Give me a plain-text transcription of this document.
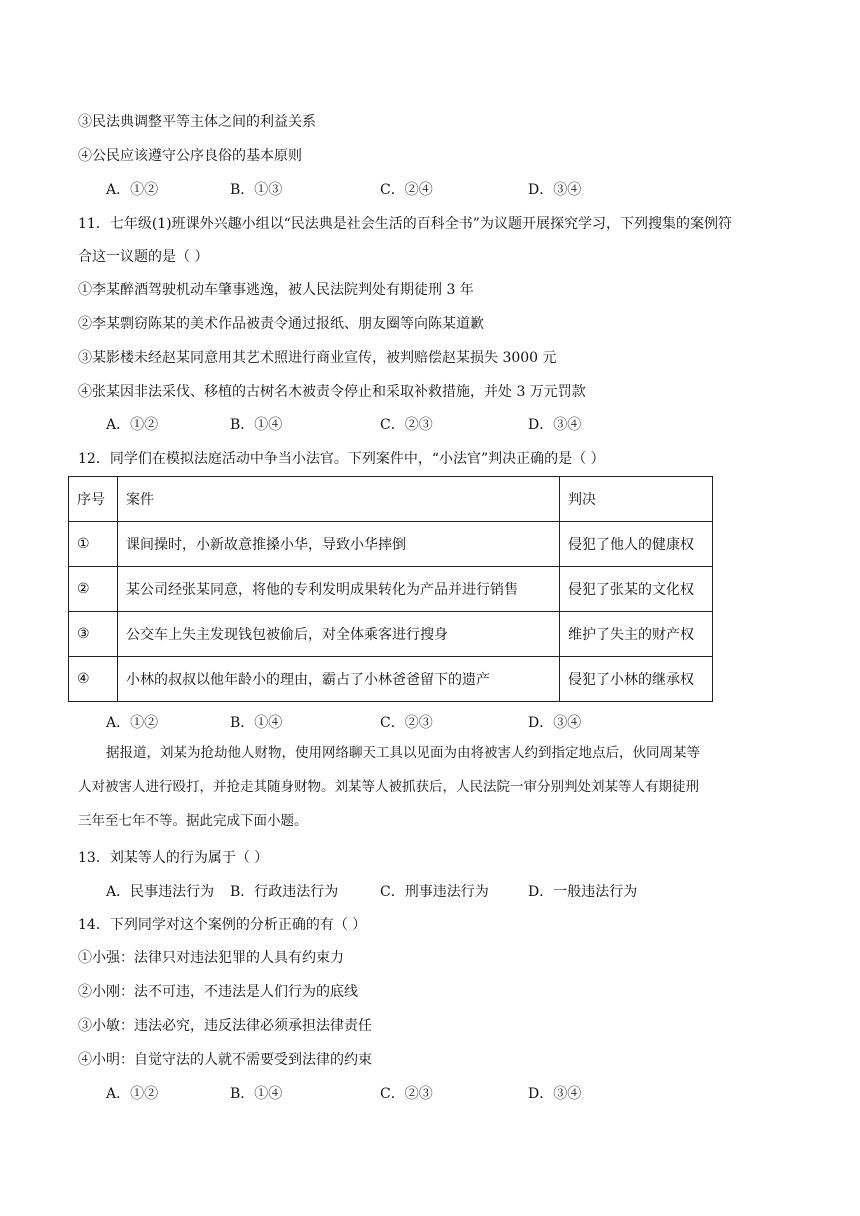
③民法典调整平等主体之间的利益关系
④公民应该遵守公序良俗的基本原则
A．①②	B．①③	C．②④	D．③④
11．七年级(1)班课外兴趣小组以“民法典是社会生活的百科全书”为议题开展探究学习，下列搜集的案例符
合这一议题的是（ ）
①李某醉酒驾驶机动车肇事逃逸，被人民法院判处有期徒刑 3 年
②李某剽窃陈某的美术作品被责令通过报纸、朋友圈等向陈某道歉
③某影楼未经赵某同意用其艺术照进行商业宣传，被判赔偿赵某损失 3000 元
④张某因非法采伐、移植的古树名木被责令停止和采取补救措施，并处 3 万元罚款
A．①②	B．①④	C．②③	D．③④
12．同学们在模拟法庭活动中争当小法官。下列案件中，“小法官”判决正确的是（ ）
序号	案件	判决
①	课间操时，小新故意推搡小华，导致小华摔倒	侵犯了他人的健康权
②	某公司经张某同意，将他的专利发明成果转化为产品并进行销售	侵犯了张某的文化权
③	公交车上失主发现钱包被偷后，对全体乘客进行搜身	维护了失主的财产权
④	小林的叔叔以他年龄小的理由，霸占了小林爸爸留下的遗产	侵犯了小林的继承权
A．①②	B．①④	C．②③	D．③④
据报道，刘某为抢劫他人财物，使用网络聊天工具以见面为由将被害人约到指定地点后，伙同周某等
人对被害人进行殴打，并抢走其随身财物。刘某等人被抓获后，人民法院一审分别判处刘某等人有期徒刑
三年至七年不等。据此完成下面小题。
13．刘某等人的行为属于（ ）
A．民事违法行为 B．行政违法行为	C．刑事违法行为	D．一般违法行为
14．下列同学对这个案例的分析正确的有（ ）
①小强：法律只对违法犯罪的人具有约束力
②小刚：法不可违，不违法是人们行为的底线
③小敏：违法必究，违反法律必须承担法律责任
④小明：自觉守法的人就不需要受到法律的约束
A．①②	B．①④	C．②③	D．③④
